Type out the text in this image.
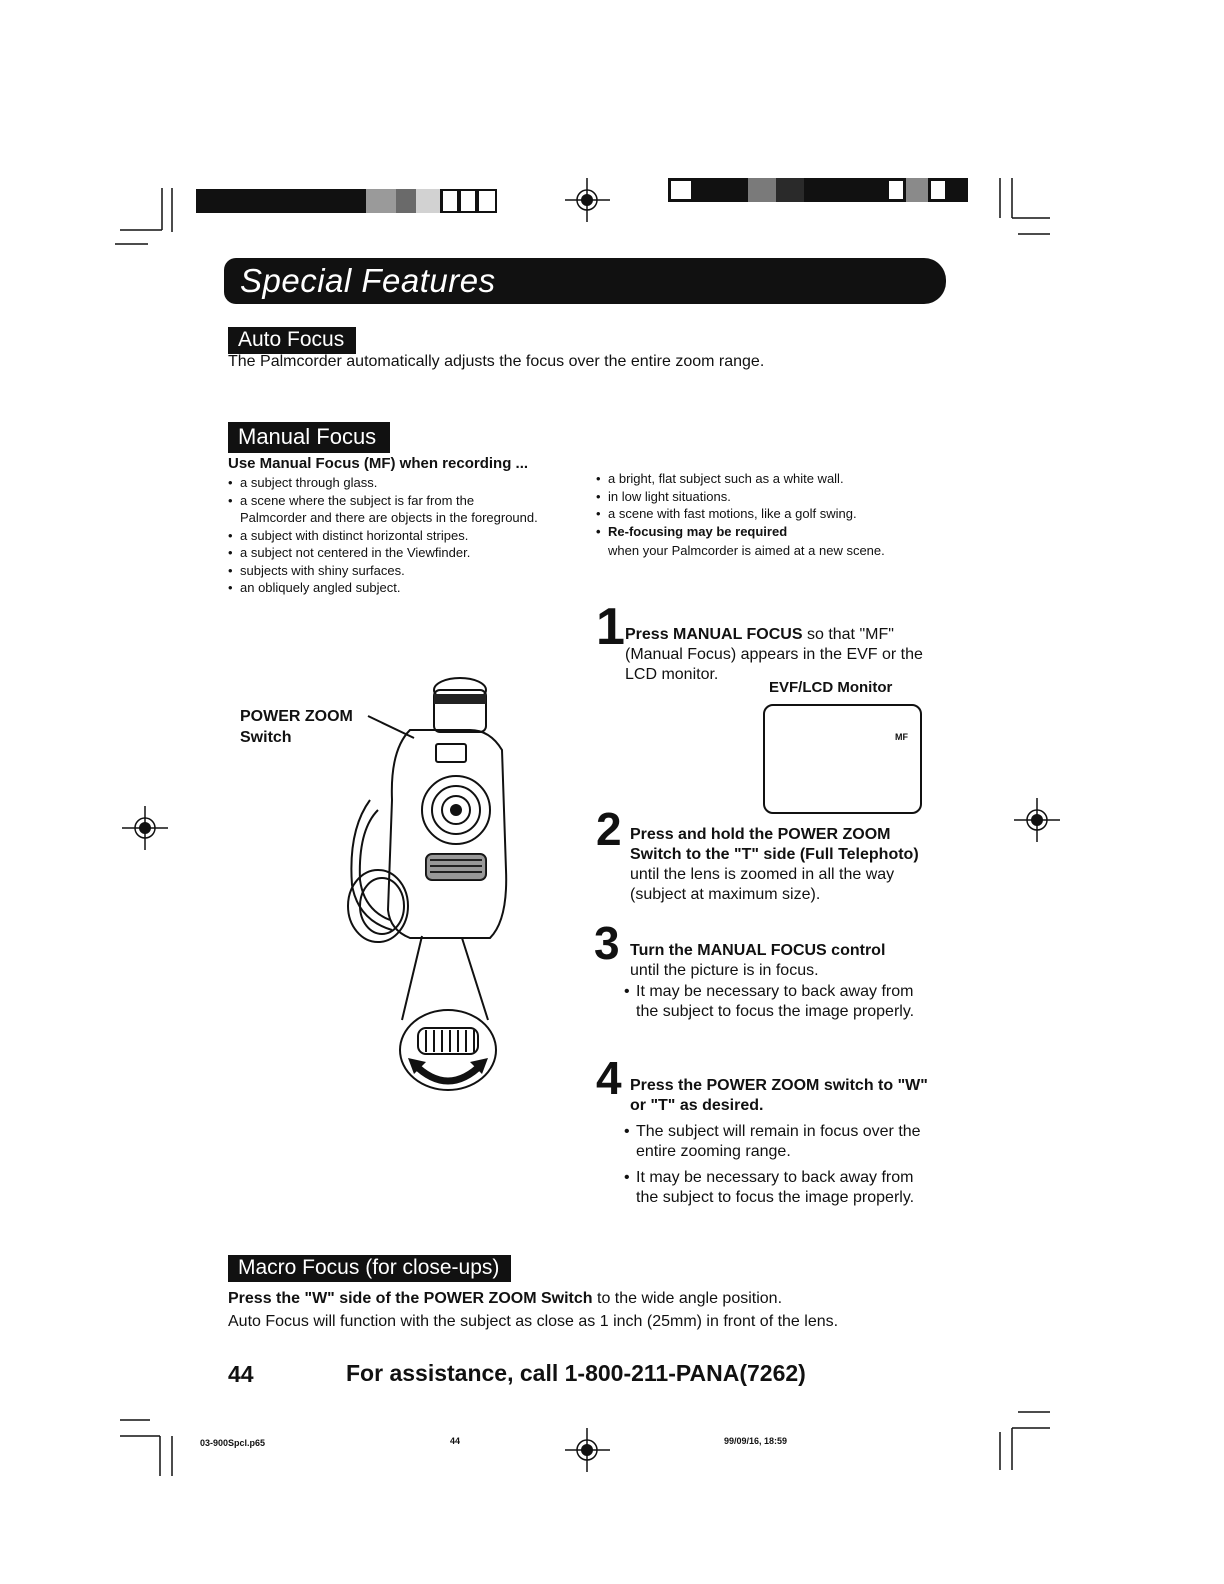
Special Features
Auto Focus
The Palmcorder automatically adjusts the focus over the entire zoom range.
Manual Focus
Use Manual Focus (MF) when recording ...
• a subject through glass.
• a scene where the subject is far from the Palmcorder and there are objects in the foreground.
• a subject with distinct horizontal stripes.
• a subject not centered in the Viewfinder.
• subjects with shiny surfaces.
• an obliquely angled subject.
• a bright, flat subject such as a white wall.
• in low light situations.
• a scene with fast motions, like a golf swing.
• Re-focusing may be required
when your Palmcorder is aimed at a new scene.
POWER ZOOM
Switch
1 Press MANUAL FOCUS so that "MF" (Manual Focus) appears in the EVF or the LCD monitor.
EVF/LCD Monitor
MF
2 Press and hold the POWER ZOOM Switch to the "T" side (Full Telephoto) until the lens is zoomed in all the way (subject at maximum size).
3 Turn the MANUAL FOCUS control
until the picture is in focus.
• It may be necessary to back away from the subject to focus the image properly.
4 Press the POWER ZOOM switch to "W" or "T" as desired.
• The subject will remain in focus over the entire zooming range.
• It may be necessary to back away from the subject to focus the image properly.
Macro Focus (for close-ups)
Press the "W" side of the POWER ZOOM Switch to the wide angle position.
Auto Focus will function with the subject as close as 1 inch (25mm) in front of the lens.
44	For assistance, call 1-800-211-PANA(7262)
03-900Spcl.p65	44	99/09/16, 18:59
